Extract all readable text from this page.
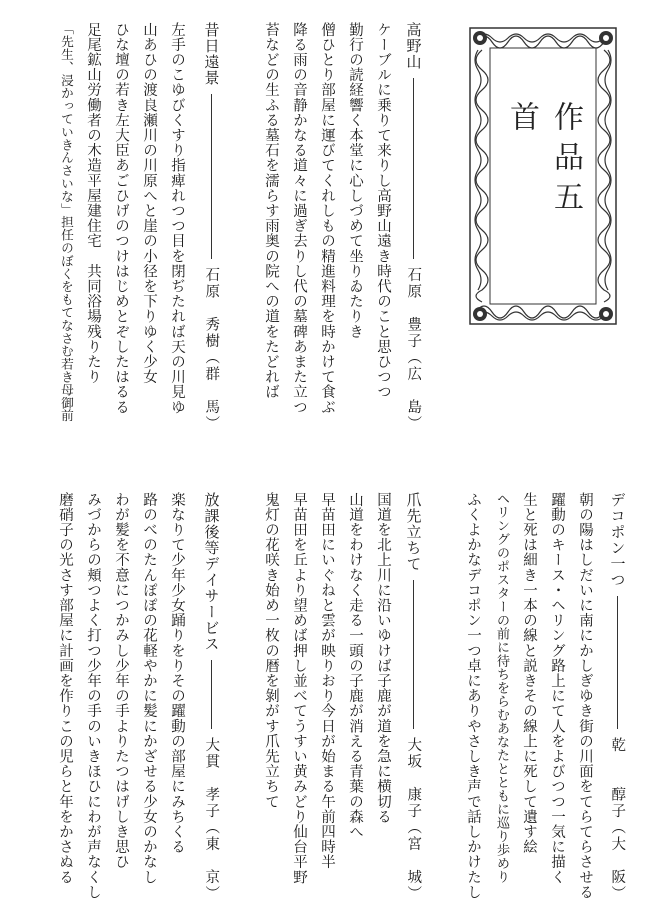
作品五首
高野山
石原　豊子（広　島）
ケーブルに乗りて来りし高野山遠き時代のこと思ひつつ
勤行の読経響く本堂に心しづめて坐りゐたりき
僧ひとり部屋に運びてくれしもの精進料理を時かけて食ぶ
降る雨の音静かなる道々に過ぎ去りし代の墓碑あまた立つ
苔などの生ふる墓石を濡らす雨奥の院への道をたどれば
昔日遠景
石原　秀樹（群　馬）
左手のこゆびくすり指痺れつつ目を閉ぢたれば天の川見ゆ
山あひの渡良瀬川の川原へと崖の小径を下りゆく少女
ひな壇の若き左大臣あごひげのつけはじめとぞしたはるる
足尾鉱山労働者の木造平屋建住宅　共同浴場残りたり
「先生、浸かっていきんさいな」担任のぼくをもてなさむ若き母御前
デコポン一つ
乾　　醇子（大　阪）
朝の陽はしだいに南にかしぎゆき街の川面をてらてらさせる
躍動のキース・ヘリング路上にて人をよびつつ一気に描く
生と死は細き一本の線と説きその線上に死して遺す絵
ヘリングのポスターの前に待ちをらむあなたとともに巡り歩めり
ふくよかなデコポン一つ卓にありやさしき声で話しかけたし
爪先立ちて
大坂　康子（宮　城）
国道を北上川に沿いゆけば子鹿が道を急に横切る
山道をわけなく走る一頭の子鹿が消える青葉の森へ
早苗田にいぐねと雲が映りおり今日が始まる午前四時半
早苗田を丘より望めば押し並べてうすい黄みどり仙台平野
鬼灯の花咲き始め一枚の暦を剝がす爪先立ちて
放課後等デイサービス
大貫　孝子（東　京）
楽なりて少年少女踊りをりその躍動の部屋にみちくる
路のべのたんぽぽの花軽やかに髪にかざせる少女のかなし
わが髪を不意につかみし少年の手よりたつはげしき思ひ
みづからの頬つよく打つ少年の手のいきほひにわが声なくし
磨硝子の光さす部屋に計画を作りこの児らと年をかさぬる
